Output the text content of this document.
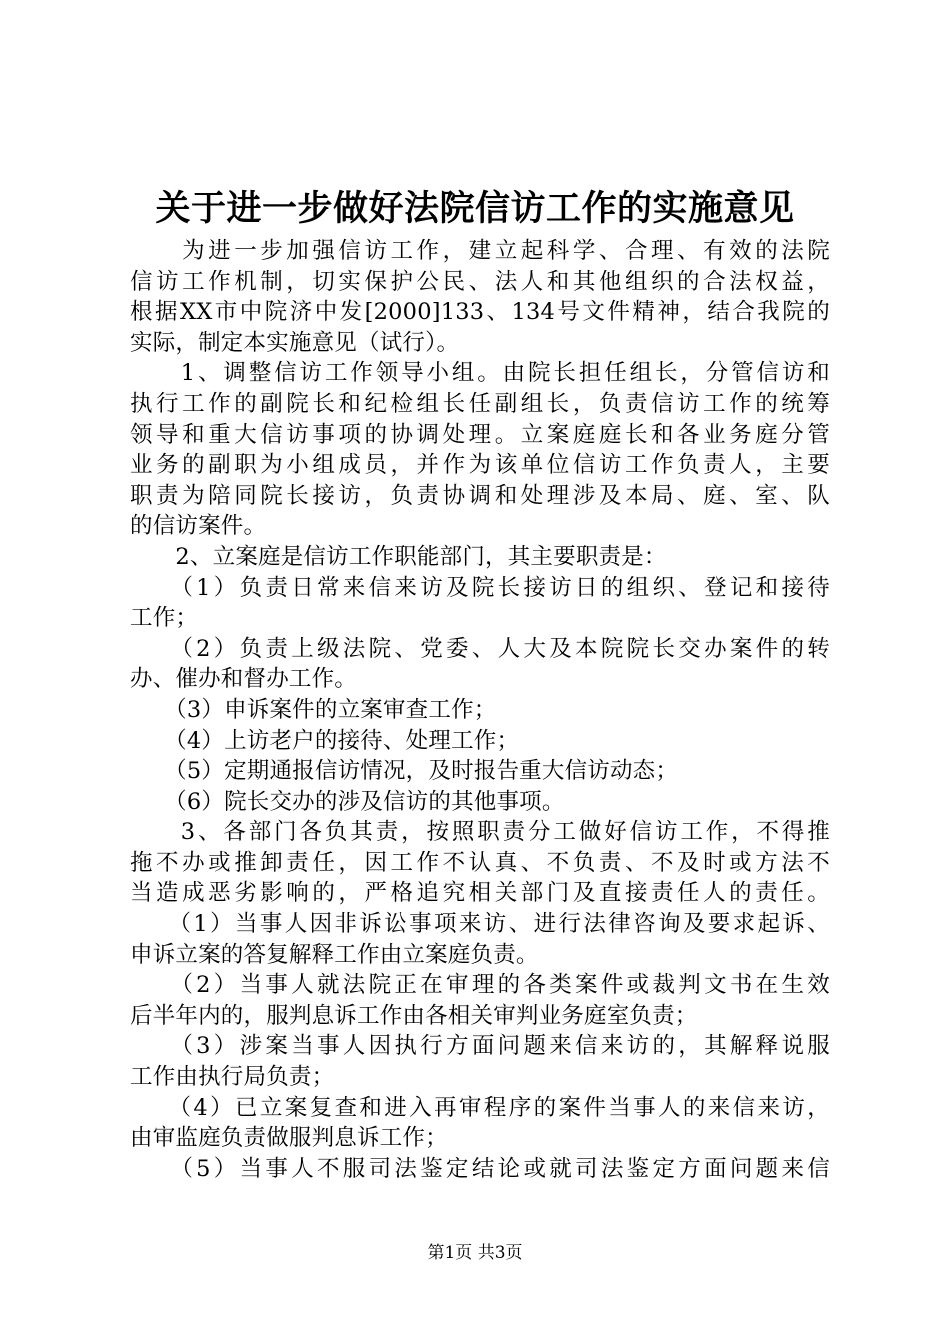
关于进一步做好法院信访工作的实施意见
　　为进一步加强信访工作，建立起科学、合理、有效的法院
信访工作机制，切实保护公民、法人和其他组织的合法权益，
根据XX市中院济中发[2000]133、134号文件精神，结合我院的
实际，制定本实施意见（试行）。
　　1、调整信访工作领导小组。由院长担任组长，分管信访和
执行工作的副院长和纪检组长任副组长，负责信访工作的统筹
领导和重大信访事项的协调处理。立案庭庭长和各业务庭分管
业务的副职为小组成员，并作为该单位信访工作负责人，主要
职责为陪同院长接访，负责协调和处理涉及本局、庭、室、队
的信访案件。
　　2、立案庭是信访工作职能部门，其主要职责是：
　　（1）负责日常来信来访及院长接访日的组织、登记和接待
工作；
　　（2）负责上级法院、党委、人大及本院院长交办案件的转
办、催办和督办工作。
　　（3）申诉案件的立案审查工作；
　　（4）上访老户的接待、处理工作；
　　（5）定期通报信访情况，及时报告重大信访动态；
　　（6）院长交办的涉及信访的其他事项。
　　3、各部门各负其责，按照职责分工做好信访工作，不得推
拖不办或推卸责任，因工作不认真、不负责、不及时或方法不
当造成恶劣影响的，严格追究相关部门及直接责任人的责任。
　　（1）当事人因非诉讼事项来访、进行法律咨询及要求起诉、
申诉立案的答复解释工作由立案庭负责。
　　（2）当事人就法院正在审理的各类案件或裁判文书在生效
后半年内的，服判息诉工作由各相关审判业务庭室负责；
　　（3）涉案当事人因执行方面问题来信来访的，其解释说服
工作由执行局负责；
　　（4）已立案复查和进入再审程序的案件当事人的来信来访，
由审监庭负责做服判息诉工作；
　　（5）当事人不服司法鉴定结论或就司法鉴定方面问题来信
第1页 共3页
